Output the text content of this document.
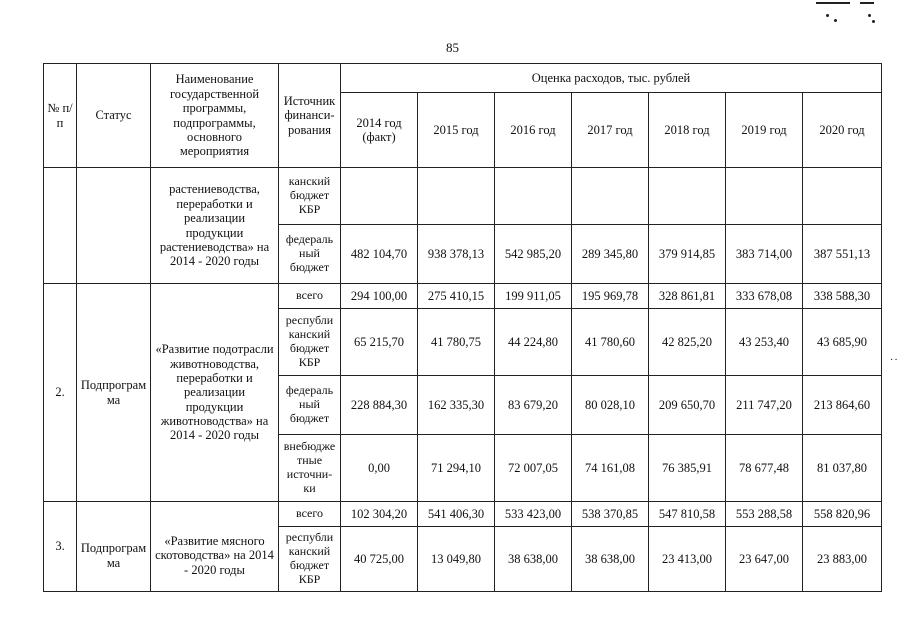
85
··
№ п/п	Статус	Наименование государственной программы, подпрограммы, основного мероприятия	Источник финанси-рования	Оценка расходов, тыс. рублей						
				2014 год (факт)	2015 год	2016 год	2017 год	2018 год	2019 год	2020 год
		растениеводства, переработки и реализации продукции растениеводства» на 2014 - 2020 годы	канский бюджет КБР							
			федераль ный бюджет	482 104,70	938 378,13	542 985,20	289 345,80	379 914,85	383 714,00	387 551,13
2.	Подпрограм ма	«Развитие подотрасли животноводства, переработки и реализации продукции животноводства» на 2014 - 2020 годы	всего	294 100,00	275 410,15	199 911,05	195 969,78	328 861,81	333 678,08	338 588,30
			республи канский бюджет КБР	65 215,70	41 780,75	44 224,80	41 780,60	42 825,20	43 253,40	43 685,90
			федераль ный бюджет	228 884,30	162 335,30	83 679,20	80 028,10	209 650,70	211 747,20	213 864,60
			внебюдже тные источни-ки	0,00	71 294,10	72 007,05	74 161,08	76 385,91	78 677,48	81 037,80
3.	Подпрограм ма	«Развитие мясного скотоводства» на 2014 - 2020 годы	всего	102 304,20	541 406,30	533 423,00	538 370,85	547 810,58	553 288,58	558 820,96
			республи канский бюджет КБР	40 725,00	13 049,80	38 638,00	38 638,00	23 413,00	23 647,00	23 883,00
